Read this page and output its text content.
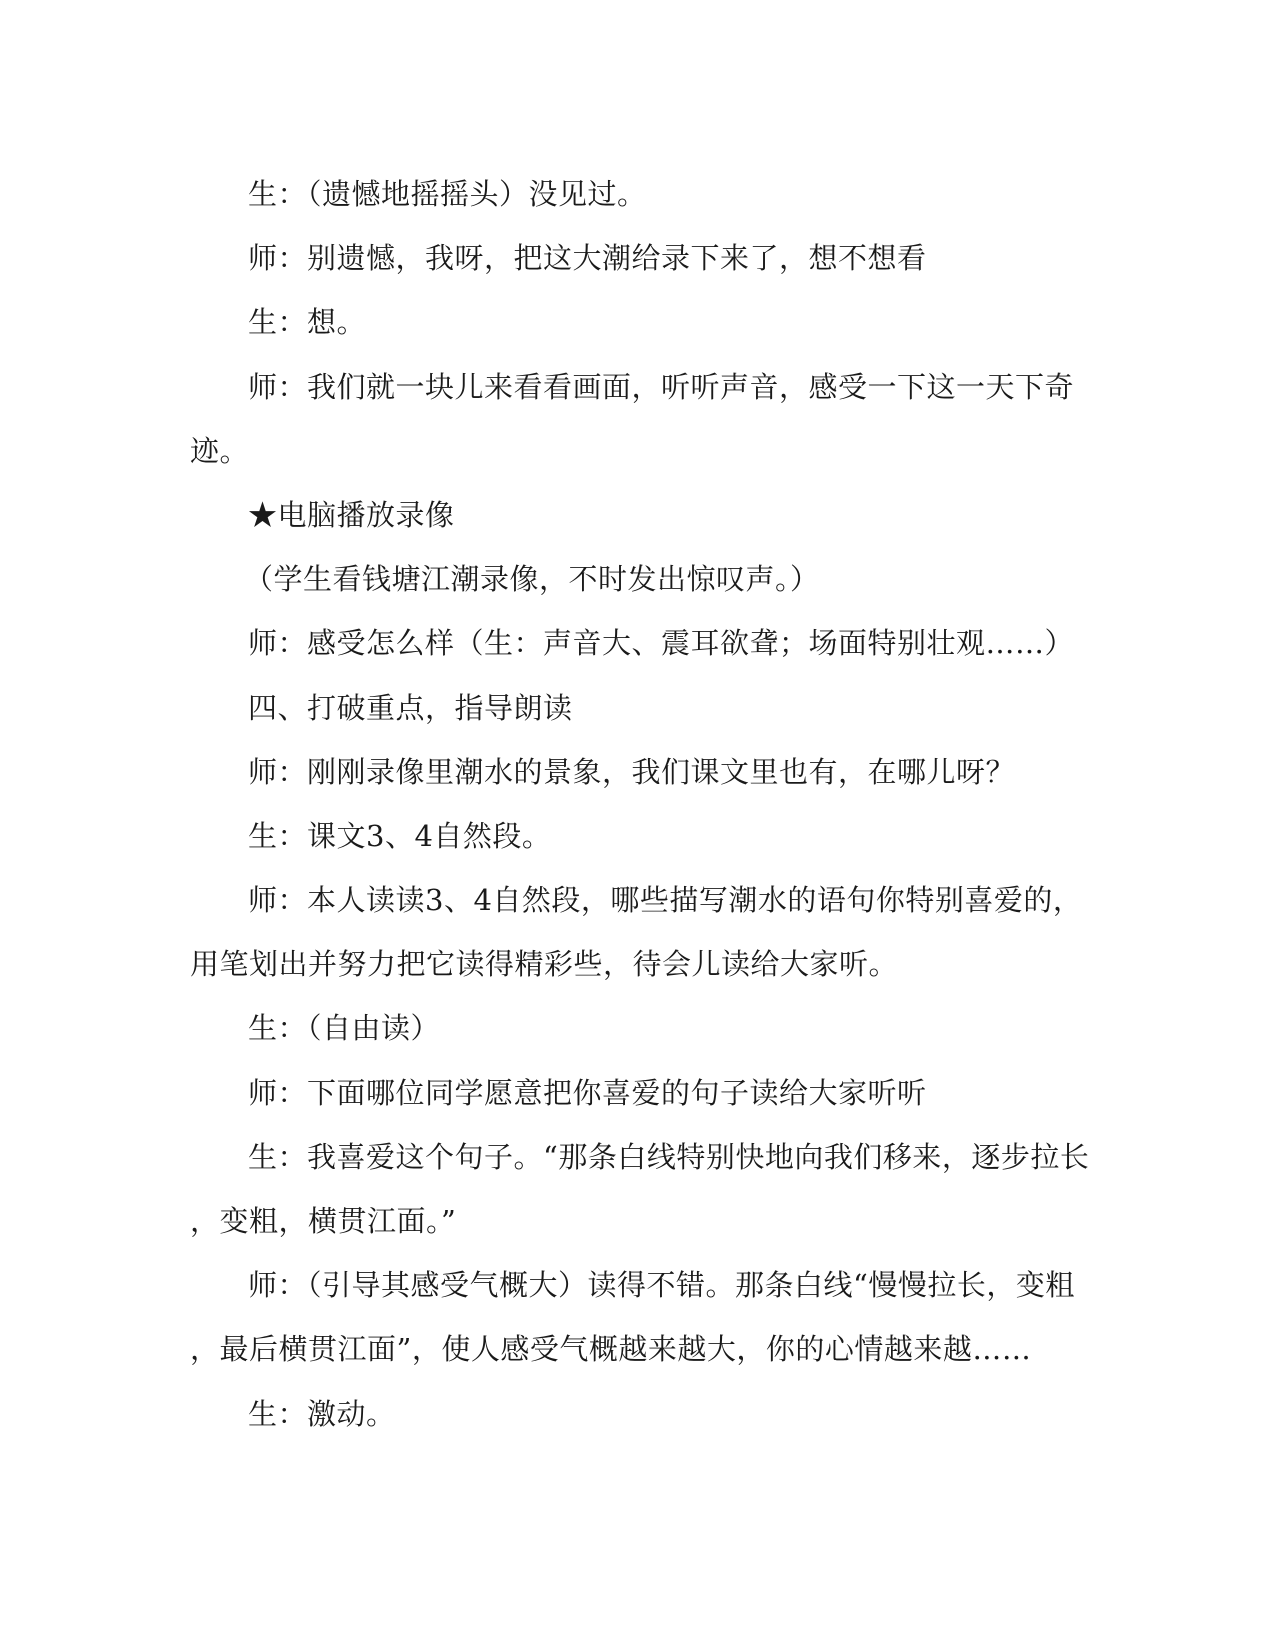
生：（遗憾地摇摇头）没见过。
师：别遗憾，我呀，把这大潮给录下来了，想不想看
生：想。
师：我们就一块儿来看看画面，听听声音，感受一下这一天下奇
迹。
★电脑播放录像
（学生看钱塘江潮录像，不时发出惊叹声。）
师：感受怎么样（生：声音大、震耳欲聋；场面特别壮观……）
四、打破重点，指导朗读
师：刚刚录像里潮水的景象，我们课文里也有，在哪儿呀？
生：课文3、4自然段。
师：本人读读3、4自然段，哪些描写潮水的语句你特别喜爱的，
用笔划出并努力把它读得精彩些，待会儿读给大家听。
生：（自由读）
师：下面哪位同学愿意把你喜爱的句子读给大家听听
生：我喜爱这个句子。“那条白线特别快地向我们移来，逐步拉长
，变粗，横贯江面。”
师：（引导其感受气概大）读得不错。那条白线“慢慢拉长，变粗
，最后横贯江面”，使人感受气概越来越大，你的心情越来越……
生：激动。
